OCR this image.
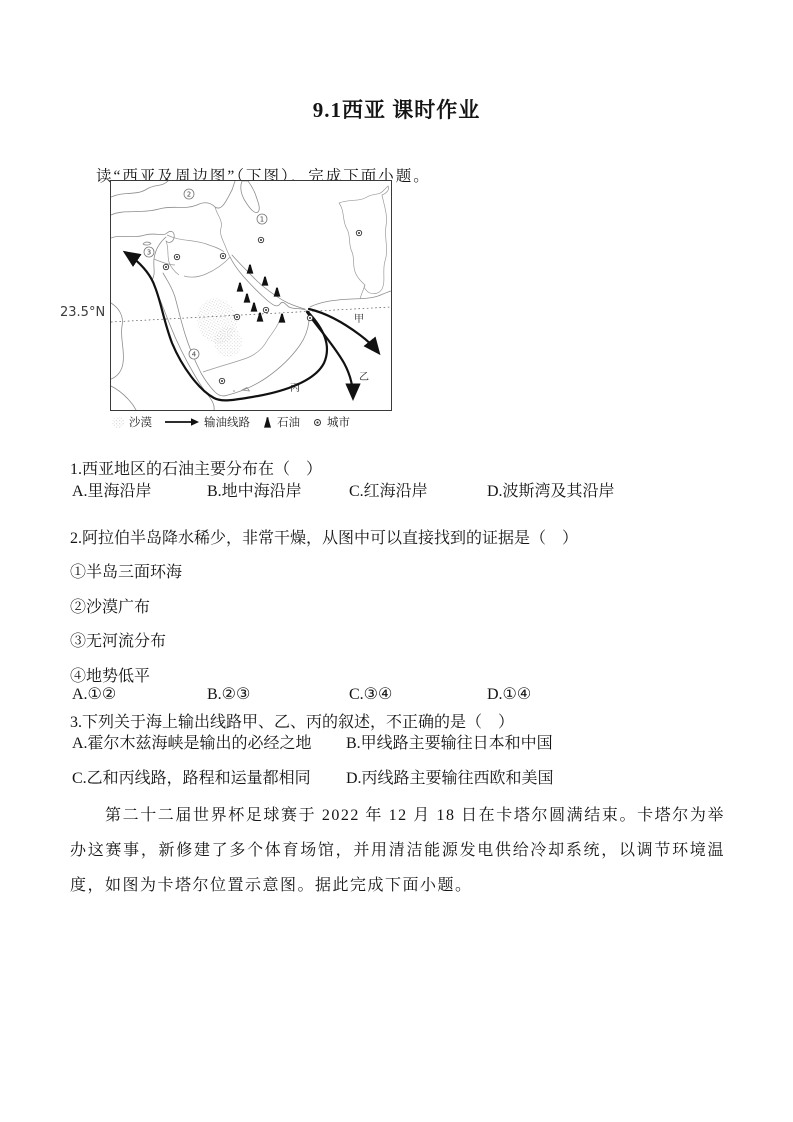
9.1西亚 课时作业

读“西亚及周边图”（下图），完成下面小题。

23.5°N
1
2
3
4
甲
乙
丙
沙漠	输油线路 石油 城市

1.西亚地区的石油主要分布在（　）

A.里海沿岸	B.地中海沿岸	C.红海沿岸	D.波斯湾及其沿岸

2.阿拉伯半岛降水稀少，非常干燥，从图中可以直接找到的证据是（　）

①半岛三面环海

②沙漠广布

③无河流分布

④地势低平

A.①②	B.②③	C.③④	D.①④

3.下列关于海上输出线路甲、乙、丙的叙述，不正确的是（　）

A.霍尔木兹海峡是输出的必经之地 B.甲线路主要输往日本和中国
C.乙和丙线路，路程和运量都相同 D.丙线路主要输往西欧和美国

第二十二届世界杯足球赛于 2022 年 12 月 18 日在卡塔尔圆满结束。卡塔尔为举办这赛事，新修建了多个体育场馆，并用清洁能源发电供给冷却系统，以调节环境温度，如图为卡塔尔位置示意图。据此完成下面小题。
